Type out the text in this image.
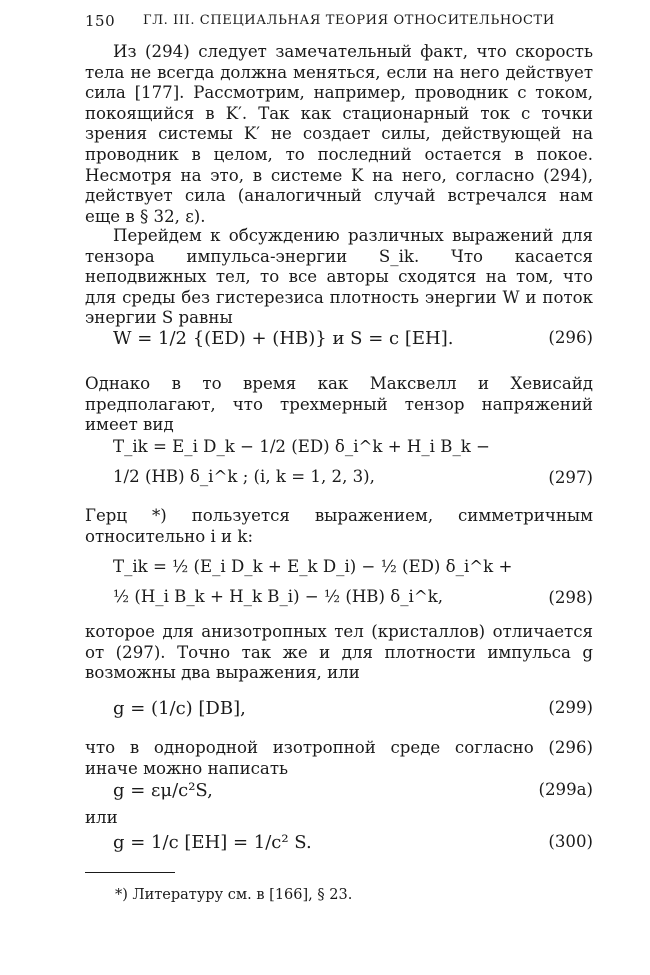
150 ГЛ. III. СПЕЦИАЛЬНАЯ ТЕОРИЯ ОТНОСИТЕЛЬНОСТИ

Из (294) следует замечательный факт, что скорость тела не всегда должна меняться, если на него действует сила [177]. Рассмотрим, например, проводник с током, покоящийся в K′. Так как стационарный ток с точки зрения системы K′ не создает силы, действующей на проводник в целом, то последний остается в покое. Несмотря на это, в системе K на него, согласно (294), действует сила (аналогичный случай встречался нам еще в § 32, ε).

Перейдем к обсуждению различных выражений для тензора импульса-энергии S_ik. Что касается неподвижных тел, то все авторы сходятся на том, что для среды без гистерезиса плотность энергии W и поток энергии S равны

W = 1/2 {(ED) + (HB)} и S = c [EH].	(296)

Однако в то время как Максвелл и Хевисайд предполагают, что трехмерный тензор напряжений имеет вид

T_ik = E_i D_k − 1/2 (ED) δ_i^k + H_i B_k − 1/2 (HB) δ_i^k ; (i, k = 1, 2, 3),	(297)

Герц *) пользуется выражением, симметричным относительно i и k:

T_ik = ½ (E_i D_k + E_k D_i) − ½ (ED) δ_i^k + ½ (H_i B_k + H_k B_i) − ½ (HB) δ_i^k,	(298)

которое для анизотропных тел (кристаллов) отличается от (297). Точно так же и для плотности импульса g возможны два выражения, или

g = (1/c) [DB],	(299)

что в однородной изотропной среде согласно (296) иначе можно написать

g = εμ/c²S,	(299a)

или

g = 1/c [EH] = 1/c² S.	(300)
*) Литературу см. в [166], § 23.
